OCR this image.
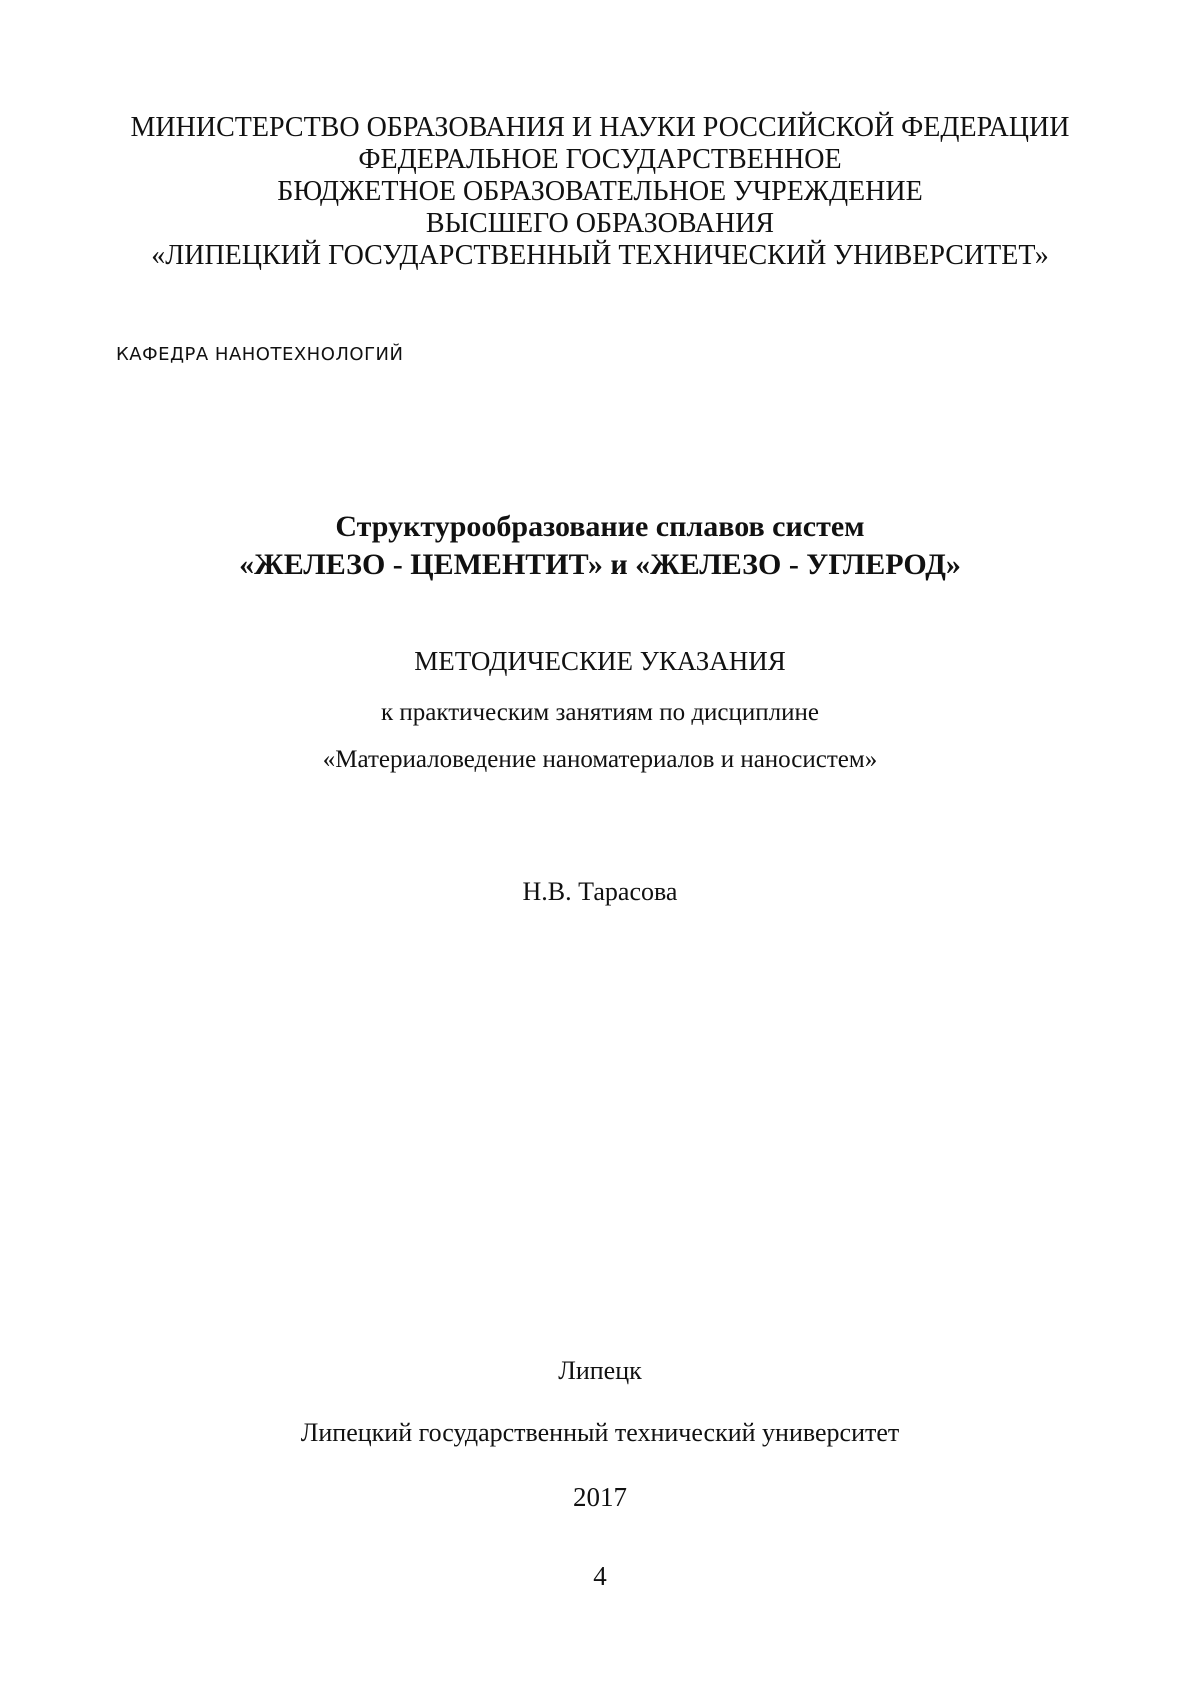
МИНИСТЕРСТВО ОБРАЗОВАНИЯ И НАУКИ РОССИЙСКОЙ ФЕДЕРАЦИИ
ФЕДЕРАЛЬНОЕ ГОСУДАРСТВЕННОЕ
БЮДЖЕТНОЕ ОБРАЗОВАТЕЛЬНОЕ УЧРЕЖДЕНИЕ
ВЫСШЕГО ОБРАЗОВАНИЯ
«ЛИПЕЦКИЙ ГОСУДАРСТВЕННЫЙ ТЕХНИЧЕСКИЙ УНИВЕРСИТЕТ»
КАФЕДРА НАНОТЕХНОЛОГИЙ
Структурообразование сплавов систем
«ЖЕЛЕЗО - ЦЕМЕНТИТ» и «ЖЕЛЕЗО - УГЛЕРОД»
МЕТОДИЧЕСКИЕ УКАЗАНИЯ
к практическим занятиям по дисциплине
«Материаловедение наноматериалов и наносистем»
Н.В. Тарасова
Липецк
Липецкий государственный технический университет
2017
4
